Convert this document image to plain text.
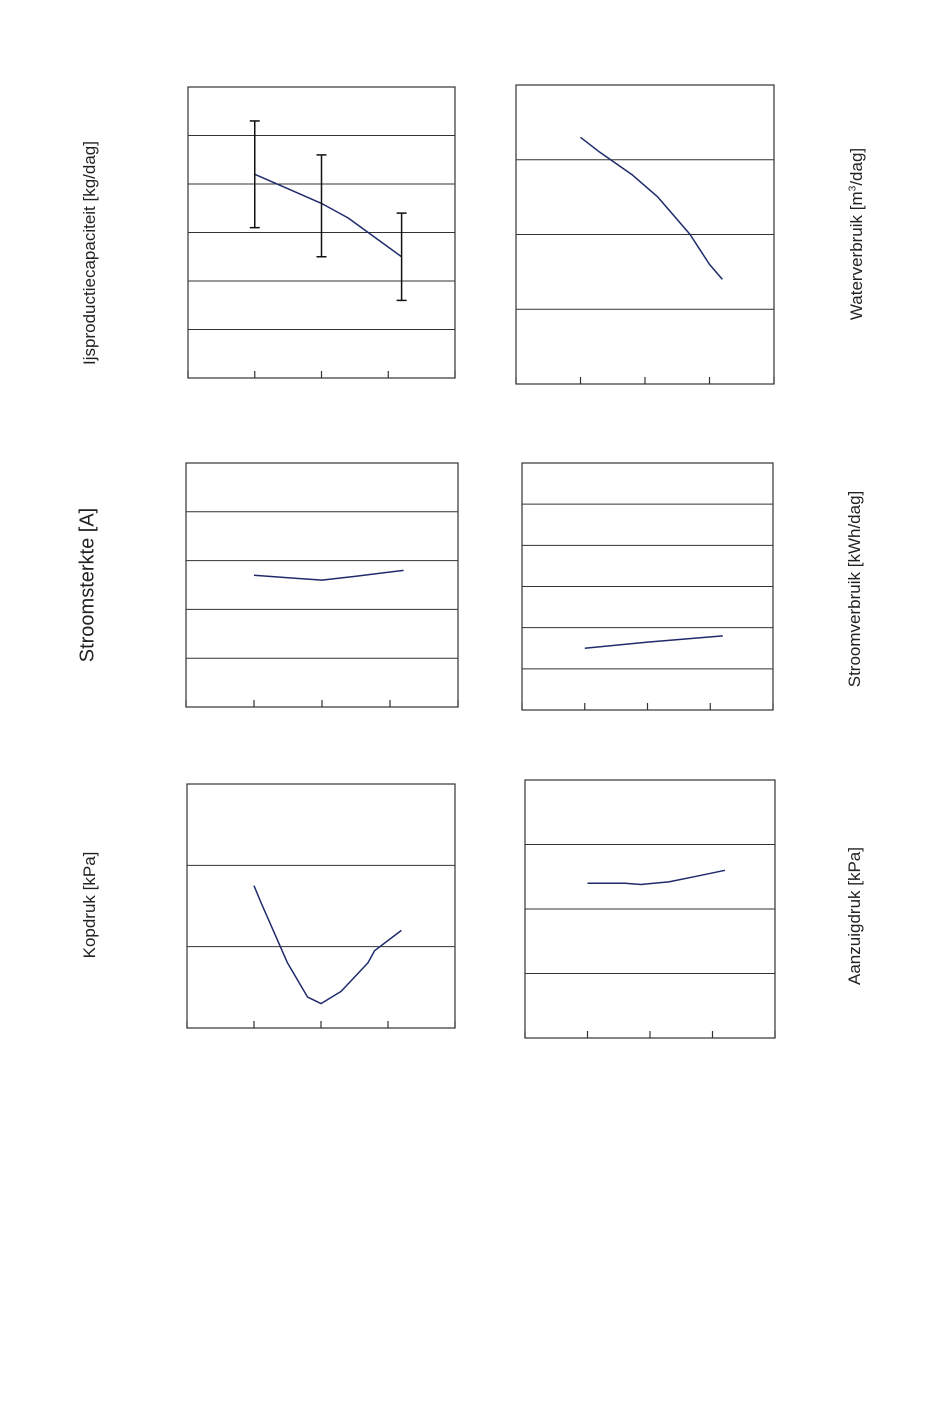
Ijsproductiecapaciteit [kg/dag]	Waterverbruik $[m^3/dag]$
Stroomsterkte [A]	Stroomverbruik [kWh/dag]
Kopdruk [kPa]	Aanzuigdruk [kPa]
